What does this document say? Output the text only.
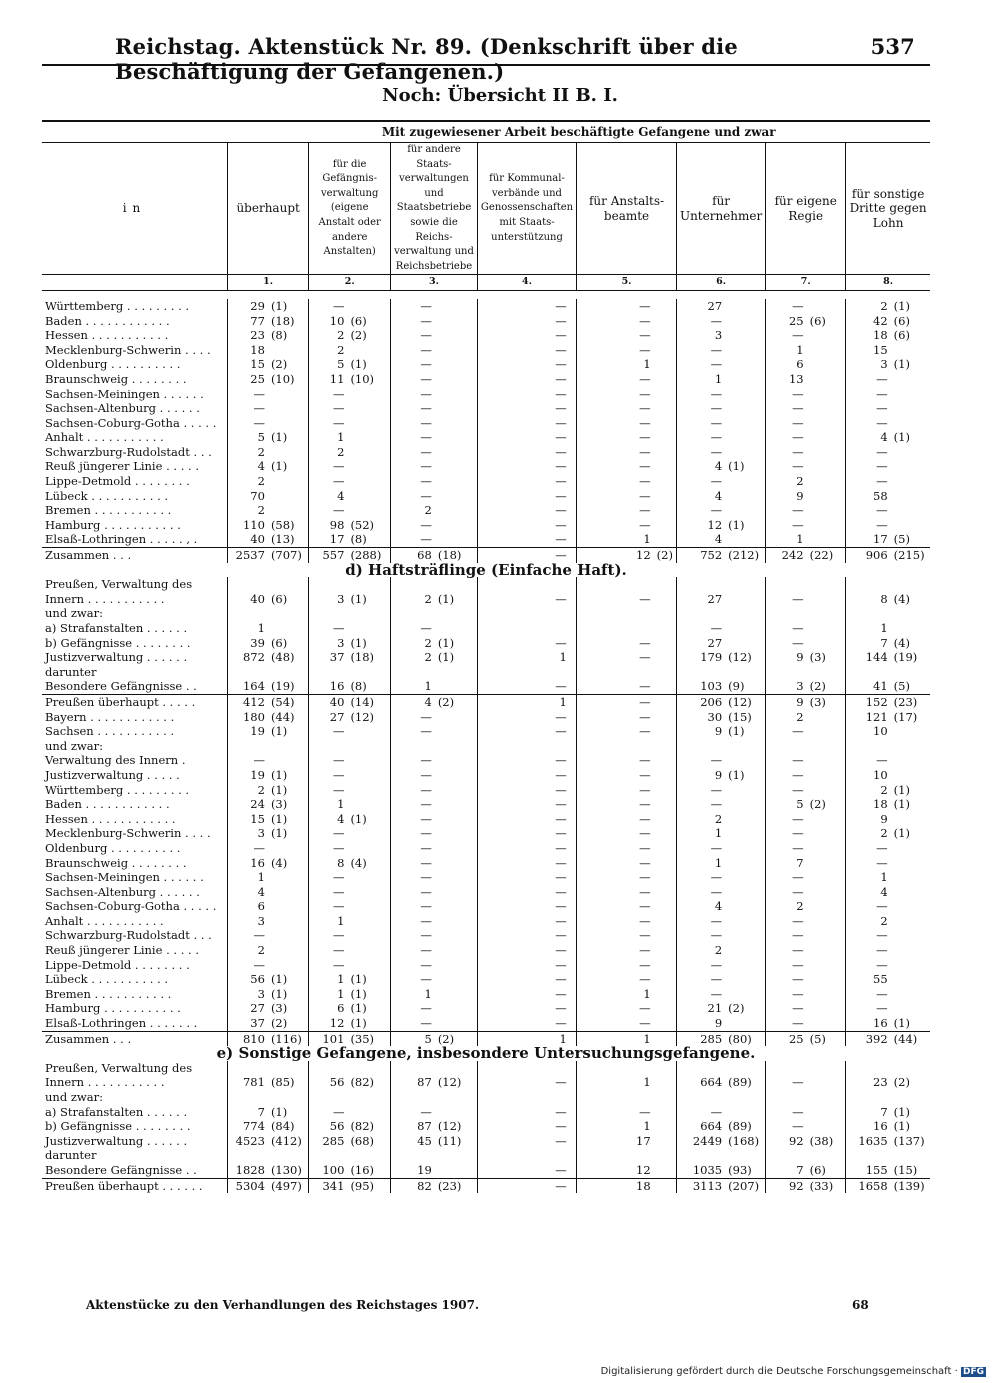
Reichstag. Aktenstück Nr. 89. (Denkschrift über die Beschäftigung der Gefangenen.)
537
Noch: Übersicht II B. I.
	Mit zugewiesener Arbeit beschäftigte Gefangene und zwar															
in	überhaupt		für die Gefängnis-verwaltung (eigene Anstalt oder andere Anstalten)		für andere Staats-verwaltungen und Staatsbetriebe sowie die Reichs-verwaltung und Reichsbetriebe		für Kommunal-verbände und Genossenschaften mit Staats-unterstützung		für Anstalts-beamte		für Unternehmer		für eigene Regie		für sonstige Dritte gegen Lohn	
	1.		2.		3.		4.		5.		6.		7.		8.	

Württemberg . . . . . . . . .	29	(1)	—		—		—		—		27		—		2	(1)
Baden . . . . . . . . . . . .	77	(18)	10	(6)	—		—		—		—		25	(6)	42	(6)
Hessen . . . . . . . . . . .	23	(8)	2	(2)	—		—		—		3		—		18	(6)
Mecklenburg-Schwerin . . . .	18		2		—		—		—		—		1		15	
Oldenburg . . . . . . . . . .	15	(2)	5	(1)	—		—		1		—		6		3	(1)
Braunschweig . . . . . . . .	25	(10)	11	(10)	—		—		—		1		13		—	
Sachsen-Meiningen . . . . . .	—		—		—		—		—		—		—		—	
Sachsen-Altenburg . . . . . .	—		—		—		—		—		—		—		—	
Sachsen-Coburg-Gotha . . . . .	—		—		—		—		—		—		—		—	
Anhalt . . . . . . . . . . .	5	(1)	1		—		—		—		—		—		4	(1)
Schwarzburg-Rudolstadt . . .	2		2		—		—		—		—		—		—	
Reuß jüngerer Linie . . . . .	4	(1)	—		—		—		—		4	(1)	—		—	
Lippe-Detmold . . . . . . . .	2		—		—		—		—		—		2		—	
Lübeck . . . . . . . . . . .	70		4		—		—		—		4		9		58	
Bremen . . . . . . . . . . .	2		—		2		—		—		—		—		—	
Hamburg . . . . . . . . . . .	110	(58)	98	(52)	—		—		—		12	(1)	—		—	
Elsaß-Lothringen . . . . . , .	40	(13)	17	(8)	—		—		1		4		1		17	(5)
Zusammen . . .	2537	(707)	557	(288)	68	(18)	—		12	(2)	752	(212)	242	(22)	906	(215)
d) Haftsträflinge (Einfache Haft).																
Preußen, Verwaltung des																
Innern . . . . . . . . . . .	40	(6)	3	(1)	2	(1)	—		—		27		—		8	(4)
und zwar:																
a) Strafanstalten . . . . . .	1		—		—						—		—		1	
b) Gefängnisse . . . . . . . .	39	(6)	3	(1)	2	(1)	—		—		27		—		7	(4)
Justizverwaltung . . . . . .	872	(48)	37	(18)	2	(1)	1		—		179	(12)	9	(3)	144	(19)
darunter																
Besondere Gefängnisse . .	164	(19)	16	(8)	1		—		—		103	(9)	3	(2)	41	(5)
Preußen überhaupt . . . . .	412	(54)	40	(14)	4	(2)	1		—		206	(12)	9	(3)	152	(23)
Bayern . . . . . . . . . . . .	180	(44)	27	(12)	—		—		—		30	(15)	2		121	(17)
Sachsen . . . . . . . . . . .	19	(1)	—		—		—		—		9	(1)	—		10	
und zwar:																
Verwaltung des Innern .	—		—		—		—		—		—		—		—	
Justizverwaltung . . . . .	19	(1)	—		—		—		—		9	(1)	—		10	
Württemberg . . . . . . . . .	2	(1)	—		—		—		—		—		—		2	(1)
Baden . . . . . . . . . . . .	24	(3)	1		—		—		—		—		5	(2)	18	(1)
Hessen . . . . . . . . . . . .	15	(1)	4	(1)	—		—		—		2		—		9	
Mecklenburg-Schwerin . . . .	3	(1)	—		—		—		—		1		—		2	(1)
Oldenburg . . . . . . . . . .	—		—		—		—		—		—		—		—	
Braunschweig . . . . . . . .	16	(4)	8	(4)	—		—		—		1		7		—	
Sachsen-Meiningen . . . . . .	1		—		—		—		—		—		—		1	
Sachsen-Altenburg . . . . . .	4		—		—		—		—		—		—		4	
Sachsen-Coburg-Gotha . . . . .	6		—		—		—		—		4		2		—	
Anhalt . . . . . . . . . . .	3		1		—		—		—		—		—		2	
Schwarzburg-Rudolstadt . . .	—		—		—		—		—		—		—		—	
Reuß jüngerer Linie . . . . .	2		—		—		—		—		2		—		—	
Lippe-Detmold . . . . . . . .	—		—		—		—		—		—		—		—	
Lübeck . . . . . . . . . . .	56	(1)	1	(1)	—		—		—		—		—		55	
Bremen . . . . . . . . . . .	3	(1)	1	(1)	1		—		1		—		—		—	
Hamburg . . . . . . . . . . .	27	(3)	6	(1)	—		—		—		21	(2)	—		—	
Elsaß-Lothringen . . . . . . .	37	(2)	12	(1)	—		—		—		9		—		16	(1)
Zusammen . . .	810	(116)	101	(35)	5	(2)	1		1		285	(80)	25	(5)	392	(44)
e) Sonstige Gefangene, insbesondere Untersuchungsgefangene.																
Preußen, Verwaltung des																
Innern . . . . . . . . . . .	781	(85)	56	(82)	87	(12)	—		1		664	(89)	—		23	(2)
und zwar:																
a) Strafanstalten . . . . . .	7	(1)	—		—		—		—		—		—		7	(1)
b) Gefängnisse . . . . . . . .	774	(84)	56	(82)	87	(12)	—		1		664	(89)	—		16	(1)
Justizverwaltung . . . . . .	4523	(412)	285	(68)	45	(11)	—		17		2449	(168)	92	(38)	1635	(137)
darunter																
Besondere Gefängnisse . .	1828	(130)	100	(16)	19		—		12		1035	(93)	7	(6)	155	(15)
Preußen überhaupt . . . . . .	5304	(497)	341	(95)	82	(23)	—		18		3113	(207)	92	(33)	1658	(139)
Aktenstücke zu den Verhandlungen des Reichstages 1907.	68
Digitalisierung gefördert durch die Deutsche Forschungsgemeinschaft · DFG
